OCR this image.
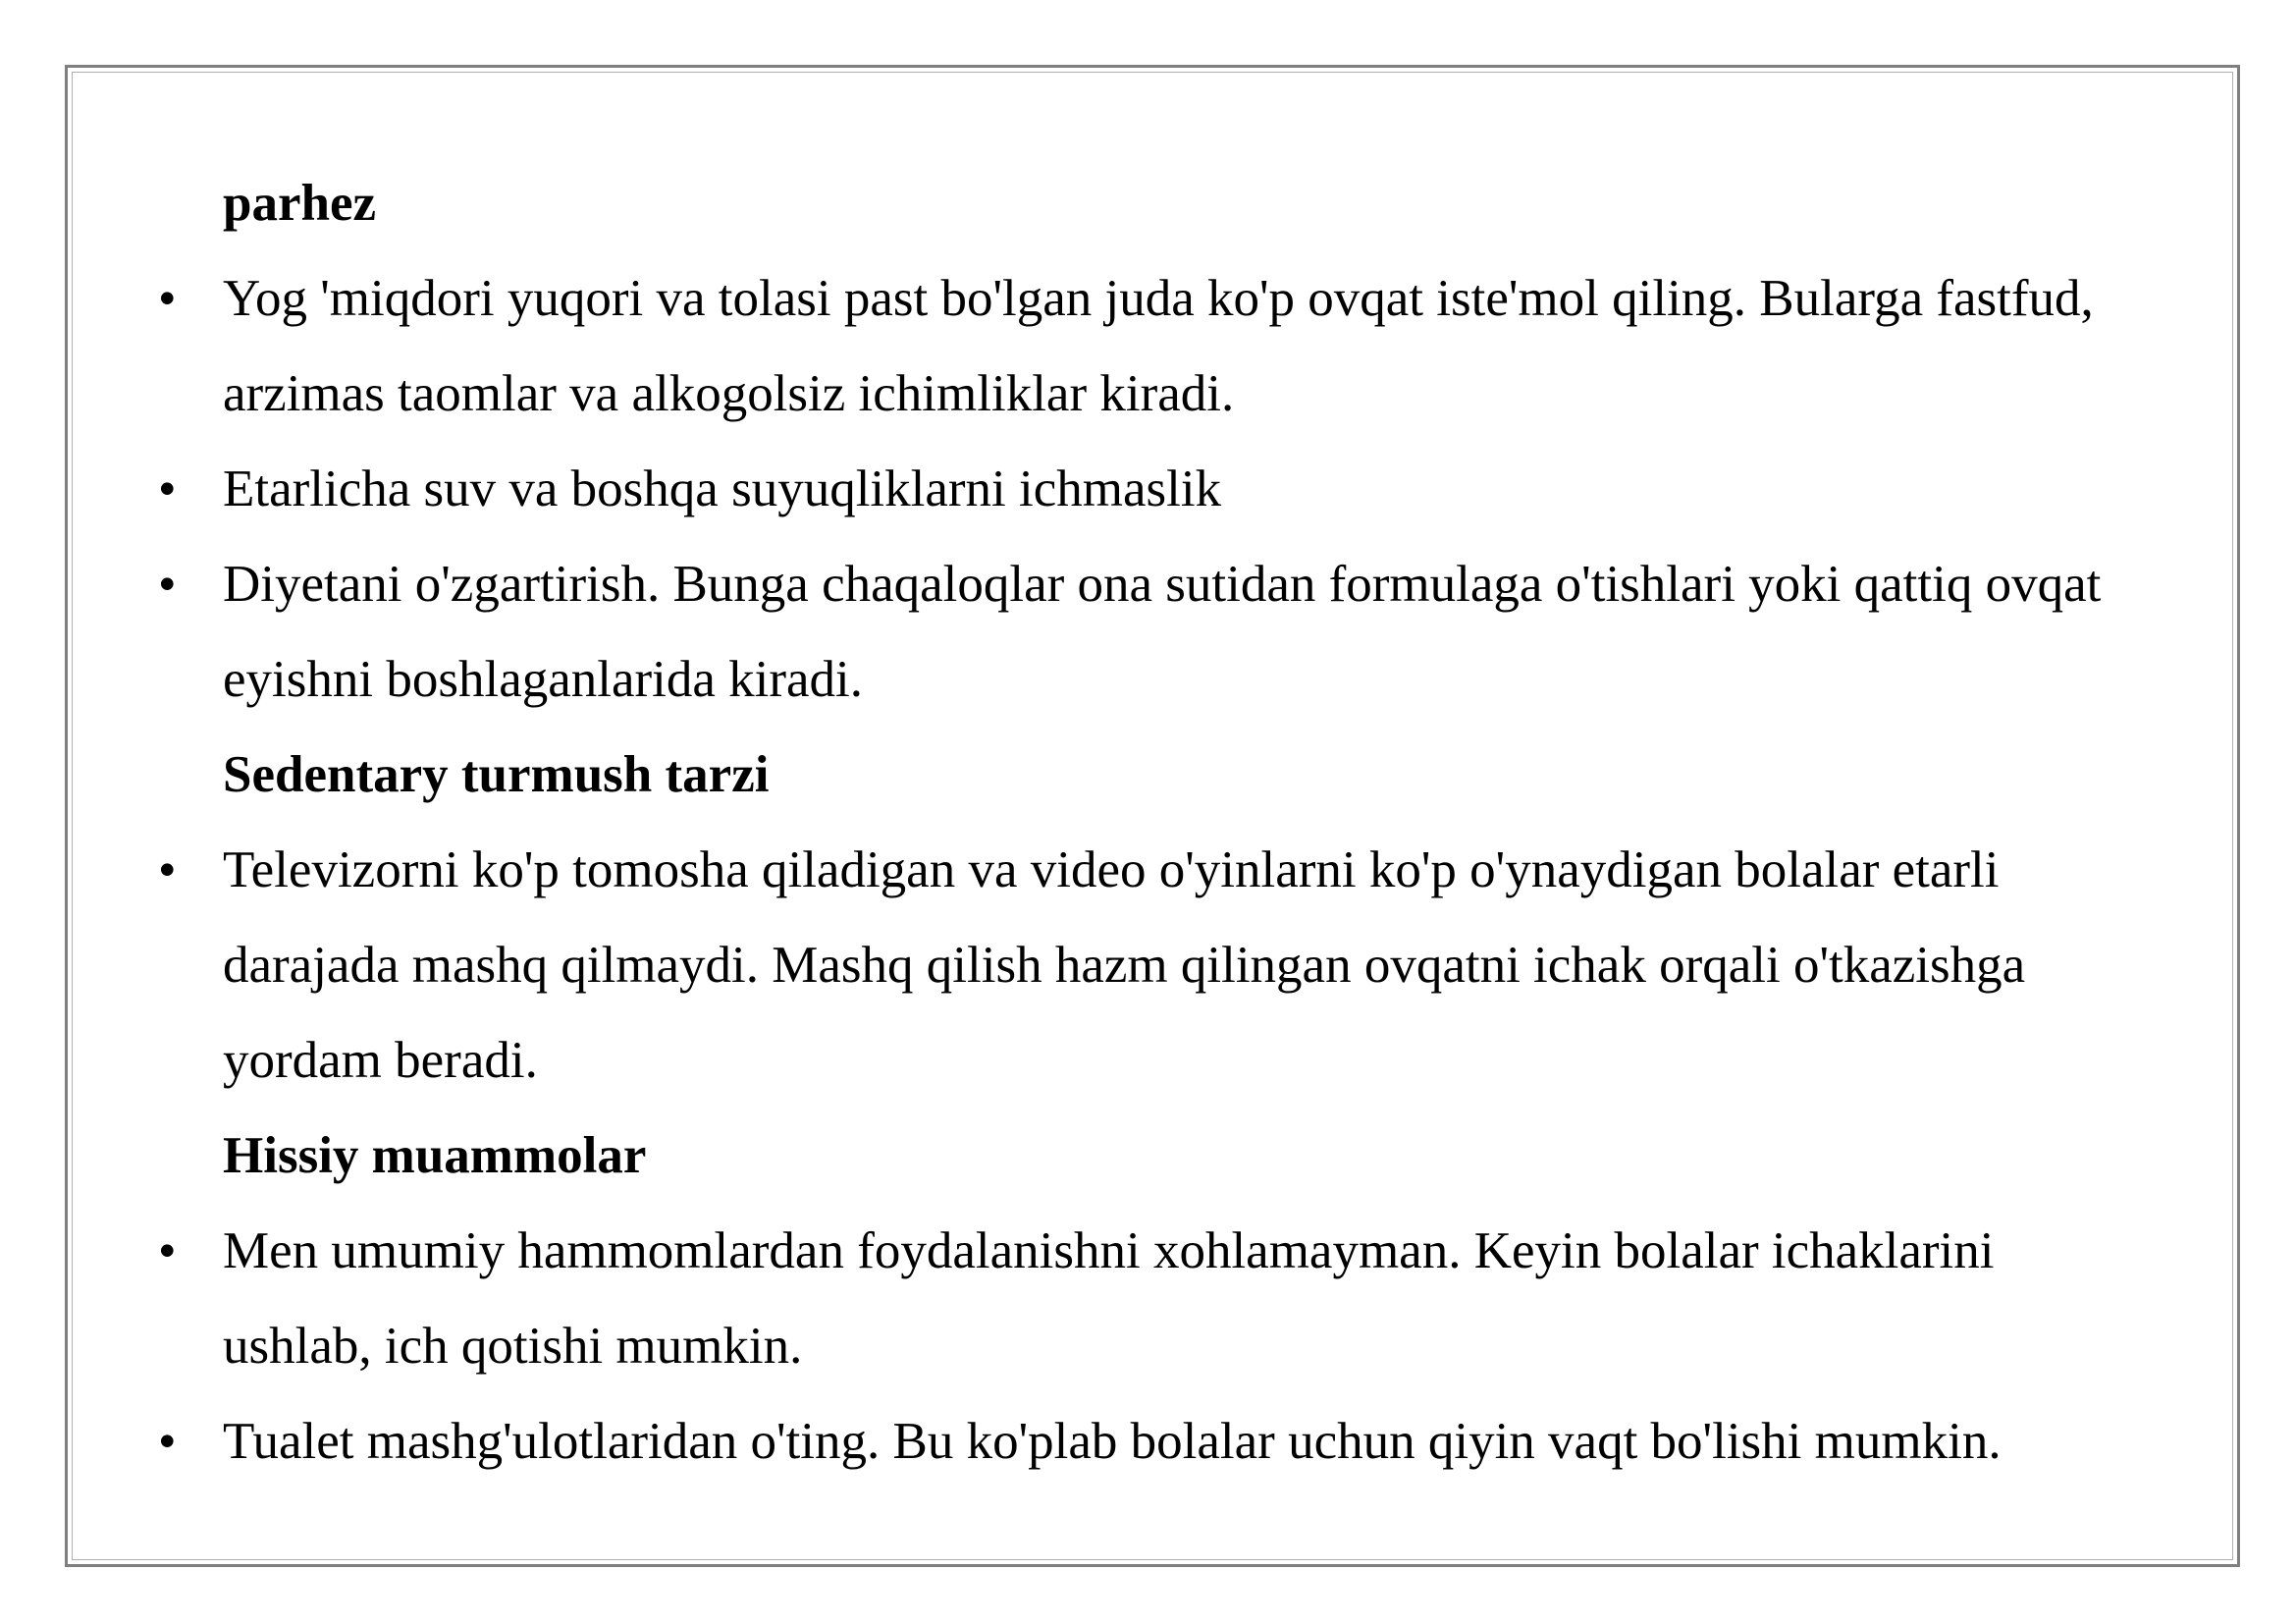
parhez
• Yog 'miqdori yuqori va tolasi past bo'lgan juda ko'p ovqat iste'mol qiling. Bularga fastfud,
arzimas taomlar va alkogolsiz ichimliklar kiradi.
• Etarlicha suv va boshqa suyuqliklarni ichmaslik
• Diyetani o'zgartirish. Bunga chaqaloqlar ona sutidan formulaga o'tishlari yoki qattiq ovqat
eyishni boshlaganlarida kiradi.
Sedentary turmush tarzi
• Televizorni ko'p tomosha qiladigan va video o'yinlarni ko'p o'ynaydigan bolalar etarli
darajada mashq qilmaydi. Mashq qilish hazm qilingan ovqatni ichak orqali o'tkazishga
yordam beradi.
Hissiy muammolar
• Men umumiy hammomlardan foydalanishni xohlamayman. Keyin bolalar ichaklarini
ushlab, ich qotishi mumkin.
• Tualet mashg'ulotlaridan o'ting. Bu ko'plab bolalar uchun qiyin vaqt bo'lishi mumkin.
